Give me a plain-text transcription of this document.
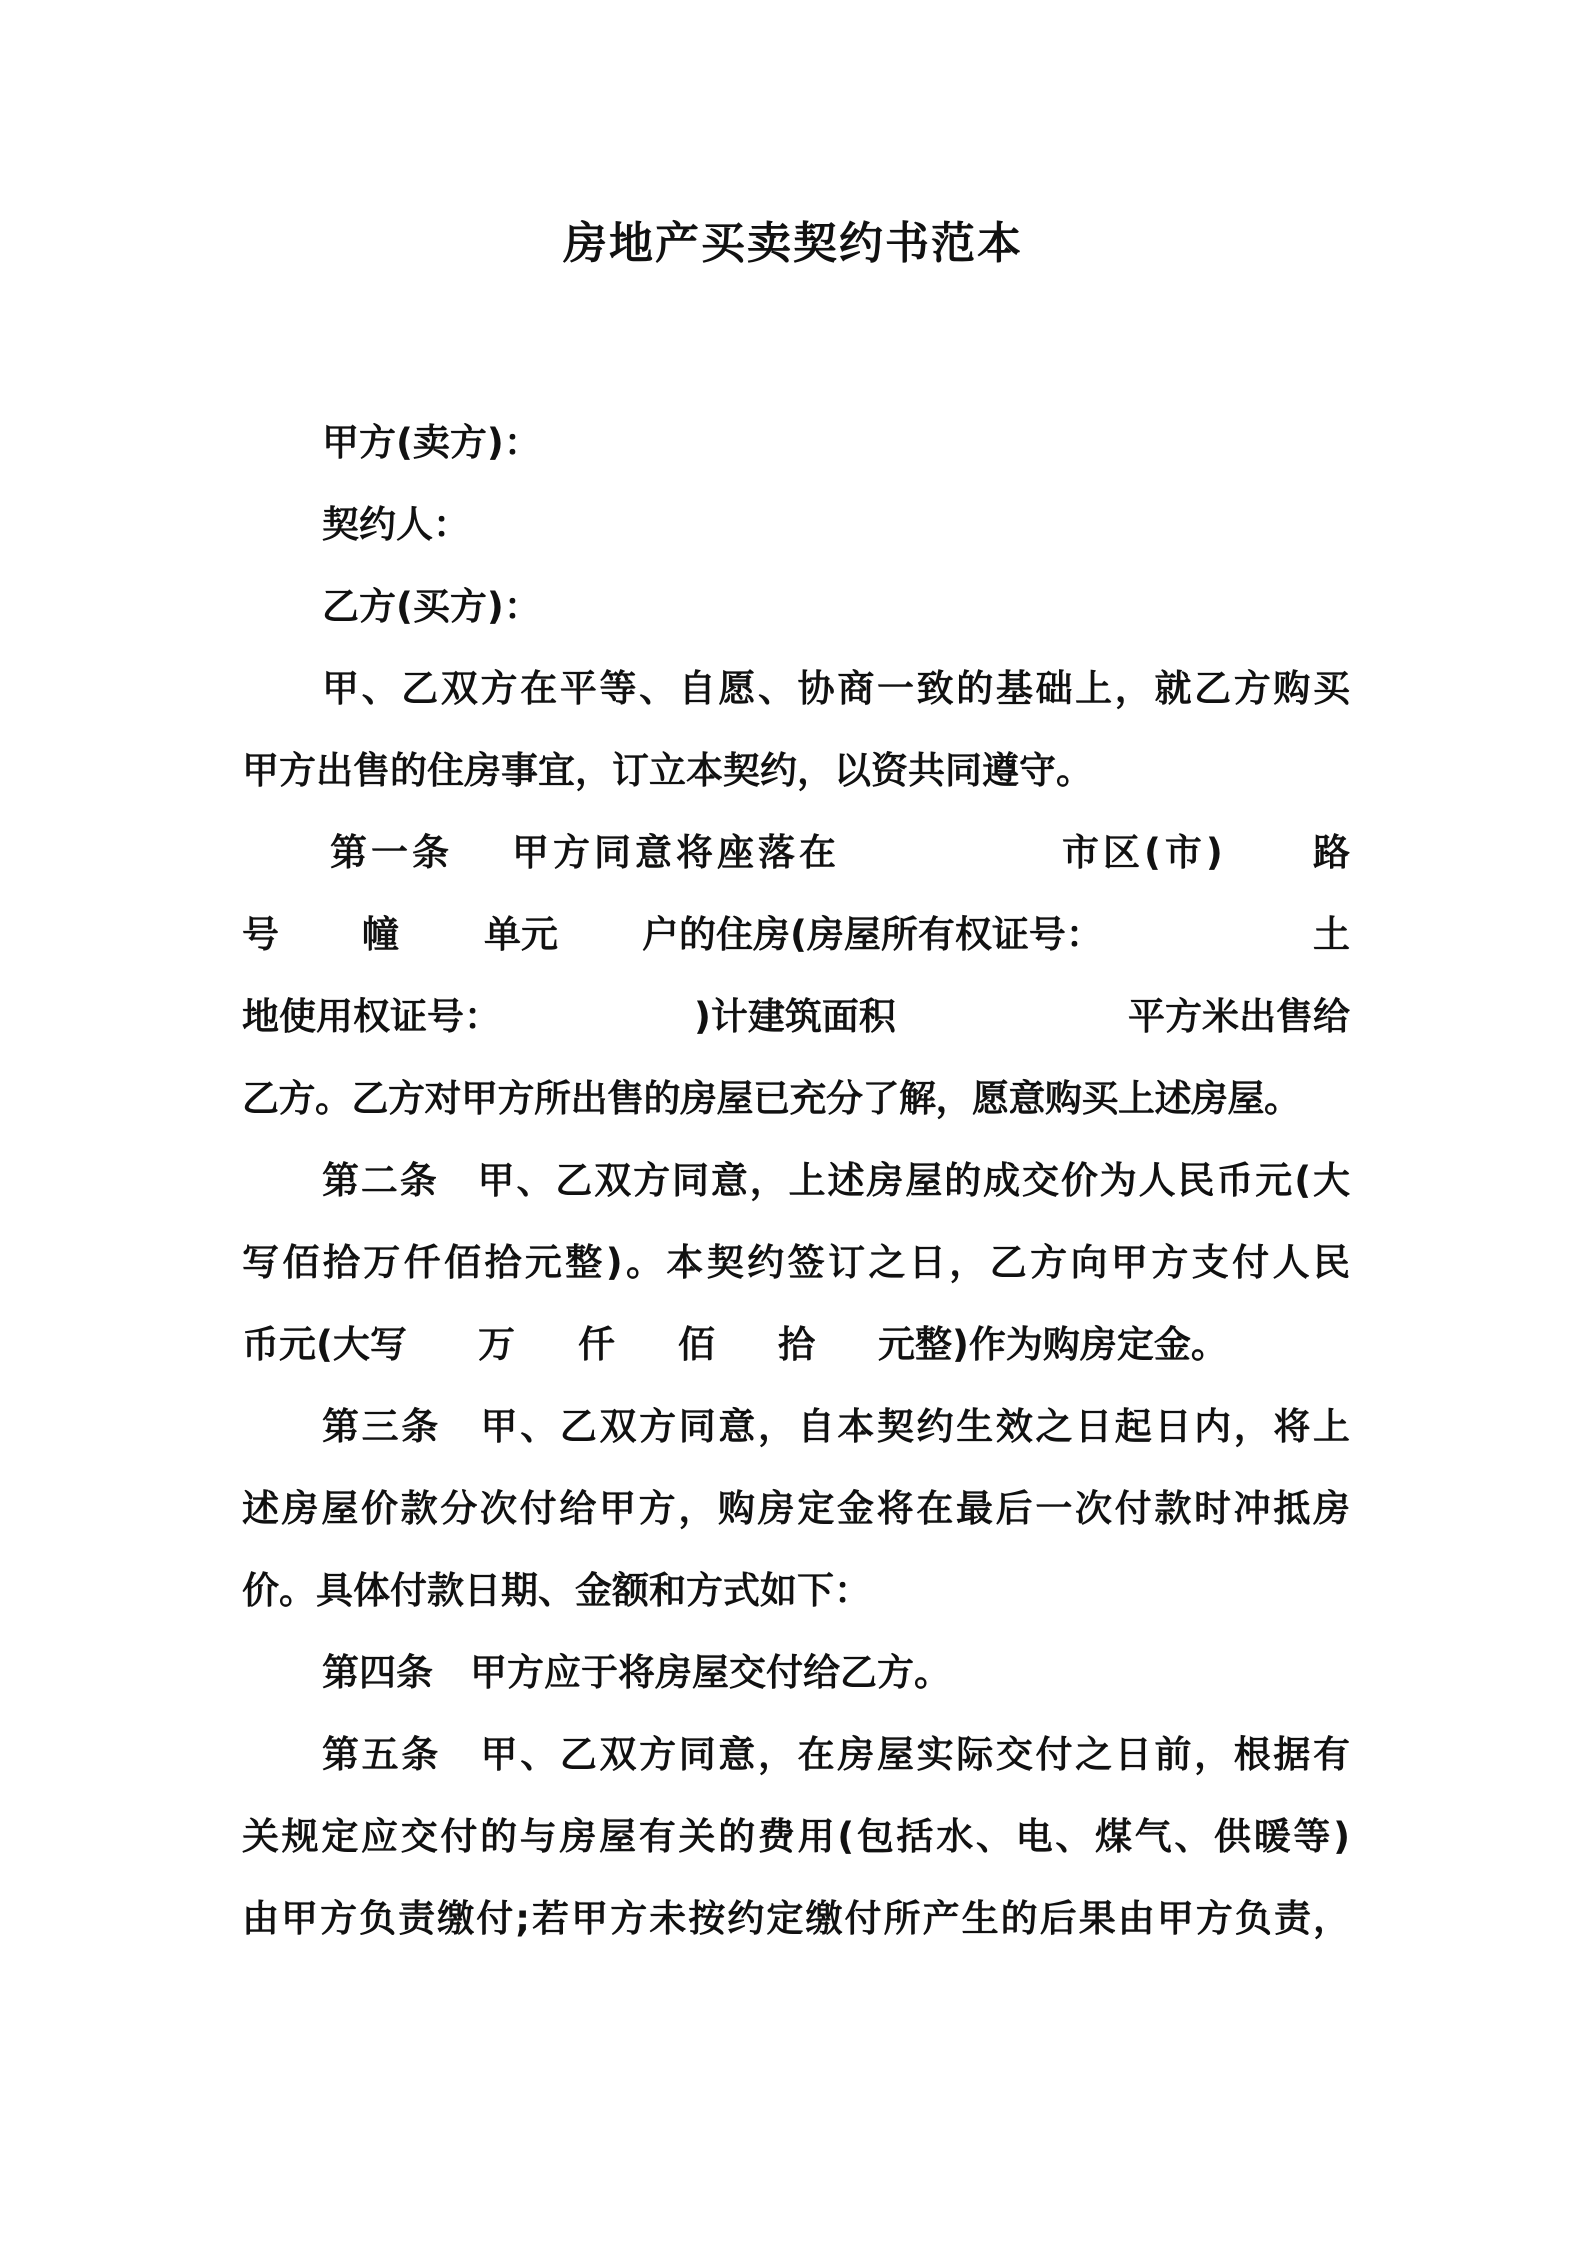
房地产买卖契约书范本

甲方(卖方)：

契约人：

乙方(买方)：

甲、乙双方在平等、自愿、协商一致的基础上，就乙方购买
甲方出售的住房事宜，订立本契约，以资共同遵守。
第一条 甲方同意将座落在	市区(市) 路
号 幢 单元 户的住房(房屋所有权证号：	土
地使用权证号：	)计建筑面积	平方米出售给
乙方。乙方对甲方所出售的房屋已充分了解，愿意购买上述房屋。
第二条　甲、乙双方同意，上述房屋的成交价为人民币元(大
写佰拾万仟佰拾元整)。本契约签订之日，乙方向甲方支付人民
币元(大写 万 仟 佰 拾 元整)作为购房定金。
第三条　甲、乙双方同意，自本契约生效之日起日内，将上
述房屋价款分次付给甲方，购房定金将在最后一次付款时冲抵房
价。具体付款日期、金额和方式如下：
第四条　甲方应于将房屋交付给乙方。
第五条　甲、乙双方同意，在房屋实际交付之日前，根据有
关规定应交付的与房屋有关的费用(包括水、电、煤气、供暖等)
由甲方负责缴付;若甲方未按约定缴付所产生的后果由甲方负责，
